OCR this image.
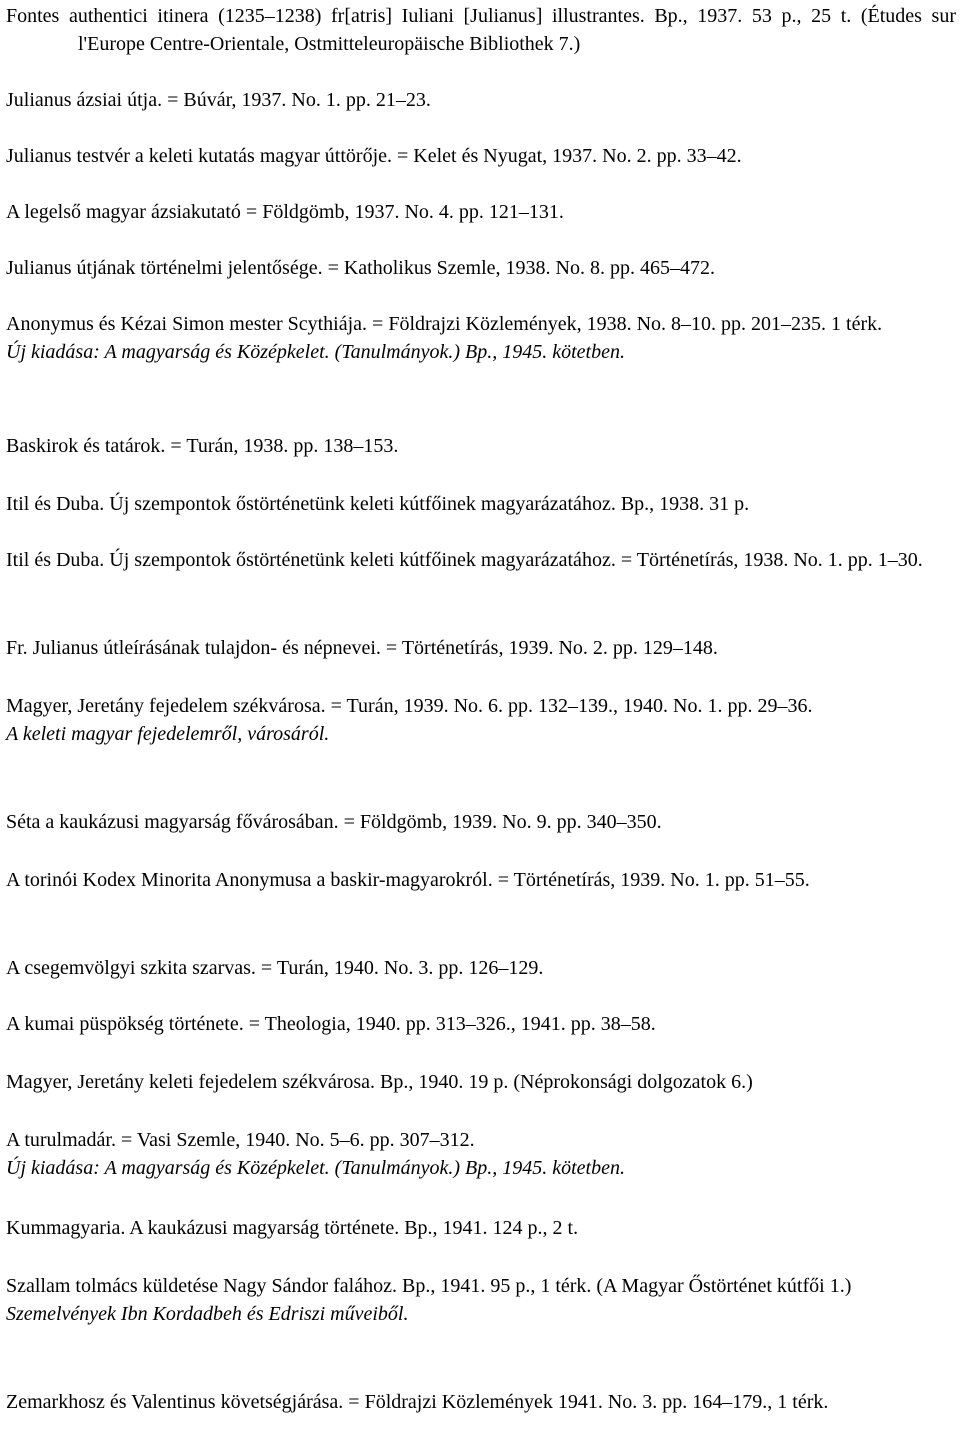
Fontes authentici itinera (1235–1238) fr[atris] Iuliani [Julianus] illustrantes. Bp., 1937. 53 p., 25 t. (Études sur l'Europe Centre-Orientale, Ostmitteleuropäische Bibliothek 7.)

Julianus ázsiai útja. = Búvár, 1937. No. 1. pp. 21–23.

Julianus testvér a keleti kutatás magyar úttörője. = Kelet és Nyugat, 1937. No. 2. pp. 33–42.

A legelső magyar ázsiakutató = Földgömb, 1937. No. 4. pp. 121–131.

Julianus útjának történelmi jelentősége. = Katholikus Szemle, 1938. No. 8. pp. 465–472.

Anonymus és Kézai Simon mester Scythiája. = Földrajzi Közlemények, 1938. No. 8–10. pp. 201–235. 1 térk.
Új kiadása: A magyarság és Középkelet. (Tanulmányok.) Bp., 1945. kötetben.

Baskirok és tatárok. = Turán, 1938. pp. 138–153.

Itil és Duba. Új szempontok őstörténetünk keleti kútfőinek magyarázatához. Bp., 1938. 31 p.

Itil és Duba. Új szempontok őstörténetünk keleti kútfőinek magyarázatához. = Történetírás, 1938. No. 1. pp. 1–30.

Fr. Julianus útleírásának tulajdon- és népnevei. = Történetírás, 1939. No. 2. pp. 129–148.

Magyer, Jeretány fejedelem székvárosa. = Turán, 1939. No. 6. pp. 132–139., 1940. No. 1. pp. 29–36.
A keleti magyar fejedelemről, városáról.

Séta a kaukázusi magyarság fővárosában. = Földgömb, 1939. No. 9. pp. 340–350.

A torinói Kodex Minorita Anonymusa a baskir-magyarokról. = Történetírás, 1939. No. 1. pp. 51–55.

A csegemvölgyi szkita szarvas. = Turán, 1940. No. 3. pp. 126–129.

A kumai püspökség története. = Theologia, 1940. pp. 313–326., 1941. pp. 38–58.

Magyer, Jeretány keleti fejedelem székvárosa. Bp., 1940. 19 p. (Néprokonsági dolgozatok 6.)

A turulmadár. = Vasi Szemle, 1940. No. 5–6. pp. 307–312.
Új kiadása: A magyarság és Középkelet. (Tanulmányok.) Bp., 1945. kötetben.

Kummagyaria. A kaukázusi magyarság története. Bp., 1941. 124 p., 2 t.

Szallam tolmács küldetése Nagy Sándor falához. Bp., 1941. 95 p., 1 térk. (A Magyar Őstörténet kútfői 1.)
Szemelvények Ibn Kordadbeh és Edriszi műveiből.

Zemarkhosz és Valentinus követségjárása. = Földrajzi Közlemények 1941. No. 3. pp. 164–179., 1 térk.
